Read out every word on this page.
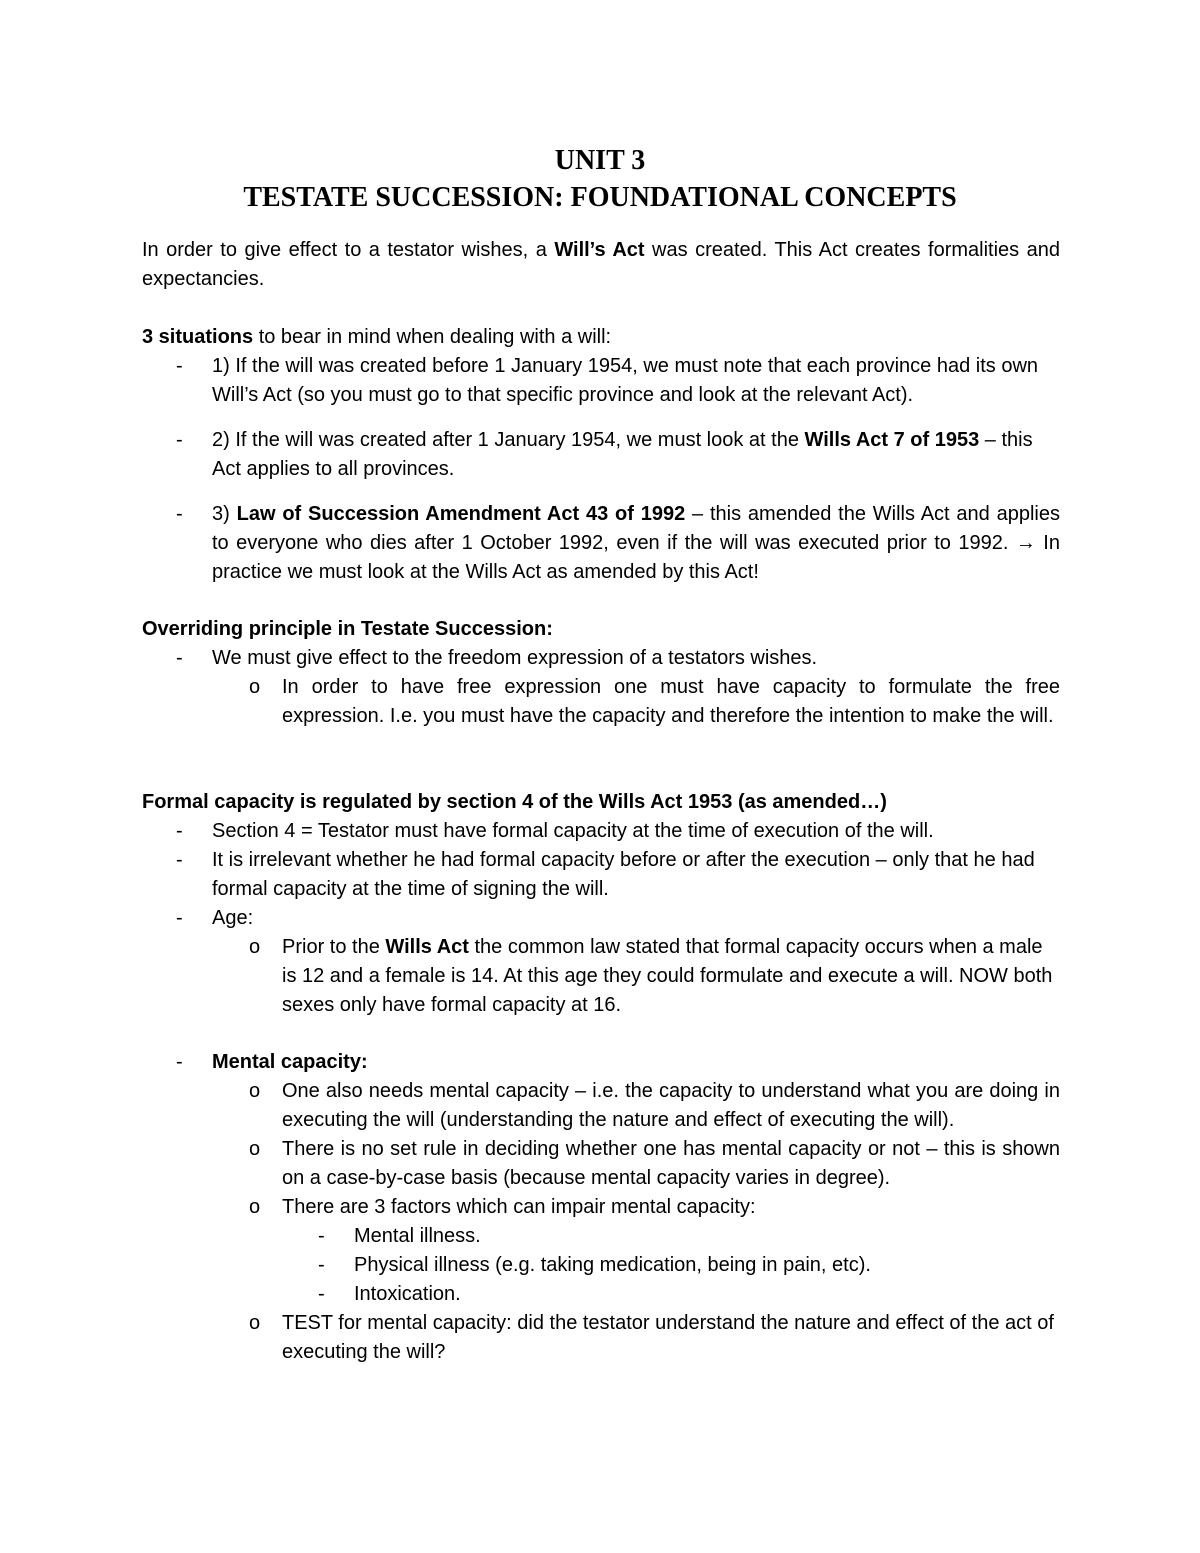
UNIT 3
TESTATE SUCCESSION: FOUNDATIONAL CONCEPTS

In order to give effect to a testator wishes, a Will’s Act was created. This Act creates formalities and expectancies.

3 situations to bear in mind when dealing with a will:

- 1) If the will was created before 1 January 1954, we must note that each province had its own Will’s Act (so you must go to that specific province and look at the relevant Act).

- 2) If the will was created after 1 January 1954, we must look at the Wills Act 7 of 1953 – this Act applies to all provinces.

- 3) Law of Succession Amendment Act 43 of 1992 – this amended the Wills Act and applies to everyone who dies after 1 October 1992, even if the will was executed prior to 1992. → In practice we must look at the Wills Act as amended by this Act!

Overriding principle in Testate Succession:

- We must give effect to the freedom expression of a testators wishes.

o In order to have free expression one must have capacity to formulate the free expression. I.e. you must have the capacity and therefore the intention to make the will.

Formal capacity is regulated by section 4 of the Wills Act 1953 (as amended…)

- Section 4 = Testator must have formal capacity at the time of execution of the will.

- It is irrelevant whether he had formal capacity before or after the execution – only that he had formal capacity at the time of signing the will.

- Age:

o Prior to the Wills Act the common law stated that formal capacity occurs when a male is 12 and a female is 14. At this age they could formulate and execute a will. NOW both sexes only have formal capacity at 16.

- Mental capacity:

o One also needs mental capacity – i.e. the capacity to understand what you are doing in executing the will (understanding the nature and effect of executing the will).

o There is no set rule in deciding whether one has mental capacity or not – this is shown on a case-by-case basis (because mental capacity varies in degree).

o There are 3 factors which can impair mental capacity:

- Mental illness.

- Physical illness (e.g. taking medication, being in pain, etc).

- Intoxication.

o TEST for mental capacity: did the testator understand the nature and effect of the act of executing the will?
